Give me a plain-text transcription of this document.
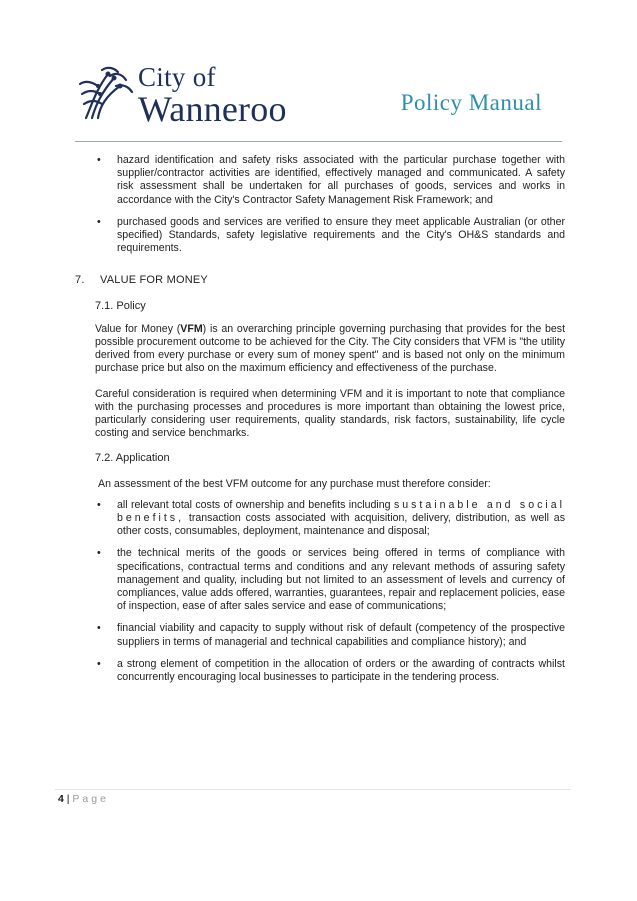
City of
Wanneroo	Policy Manual
• hazard identification and safety risks associated with the particular purchase together with supplier/contractor activities are identified, effectively managed and communicated. A safety risk assessment shall be undertaken for all purchases of goods, services and works in accordance with the City's Contractor Safety Management Risk Framework; and
• purchased goods and services are verified to ensure they meet applicable Australian (or other specified) Standards, safety legislative requirements and the City's OH&S standards and requirements.
7. VALUE FOR MONEY
7.1. Policy

Value for Money (VFM) is an overarching principle governing purchasing that provides for the best possible procurement outcome to be achieved for the City. The City considers that VFM is "the utility derived from every purchase or every sum of money spent" and is based not only on the minimum purchase price but also on the maximum efficiency and effectiveness of the purchase.

Careful consideration is required when determining VFM and it is important to note that compliance with the purchasing processes and procedures is more important than obtaining the lowest price, particularly considering user requirements, quality standards, risk factors, sustainability, life cycle costing and service benchmarks.

7.2. Application

An assessment of the best VFM outcome for any purchase must therefore consider:

• all relevant total costs of ownership and benefits including sustainable and social benefits, transaction costs associated with acquisition, delivery, distribution, as well as other costs, consumables, deployment, maintenance and disposal;
• the technical merits of the goods or services being offered in terms of compliance with specifications, contractual terms and conditions and any relevant methods of assuring safety management and quality, including but not limited to an assessment of levels and currency of compliances, value adds offered, warranties, guarantees, repair and replacement policies, ease of inspection, ease of after sales service and ease of communications;
• financial viability and capacity to supply without risk of default (competency of the prospective suppliers in terms of managerial and technical capabilities and compliance history); and
• a strong element of competition in the allocation of orders or the awarding of contracts whilst concurrently encouraging local businesses to participate in the tendering process.
4 | Page
